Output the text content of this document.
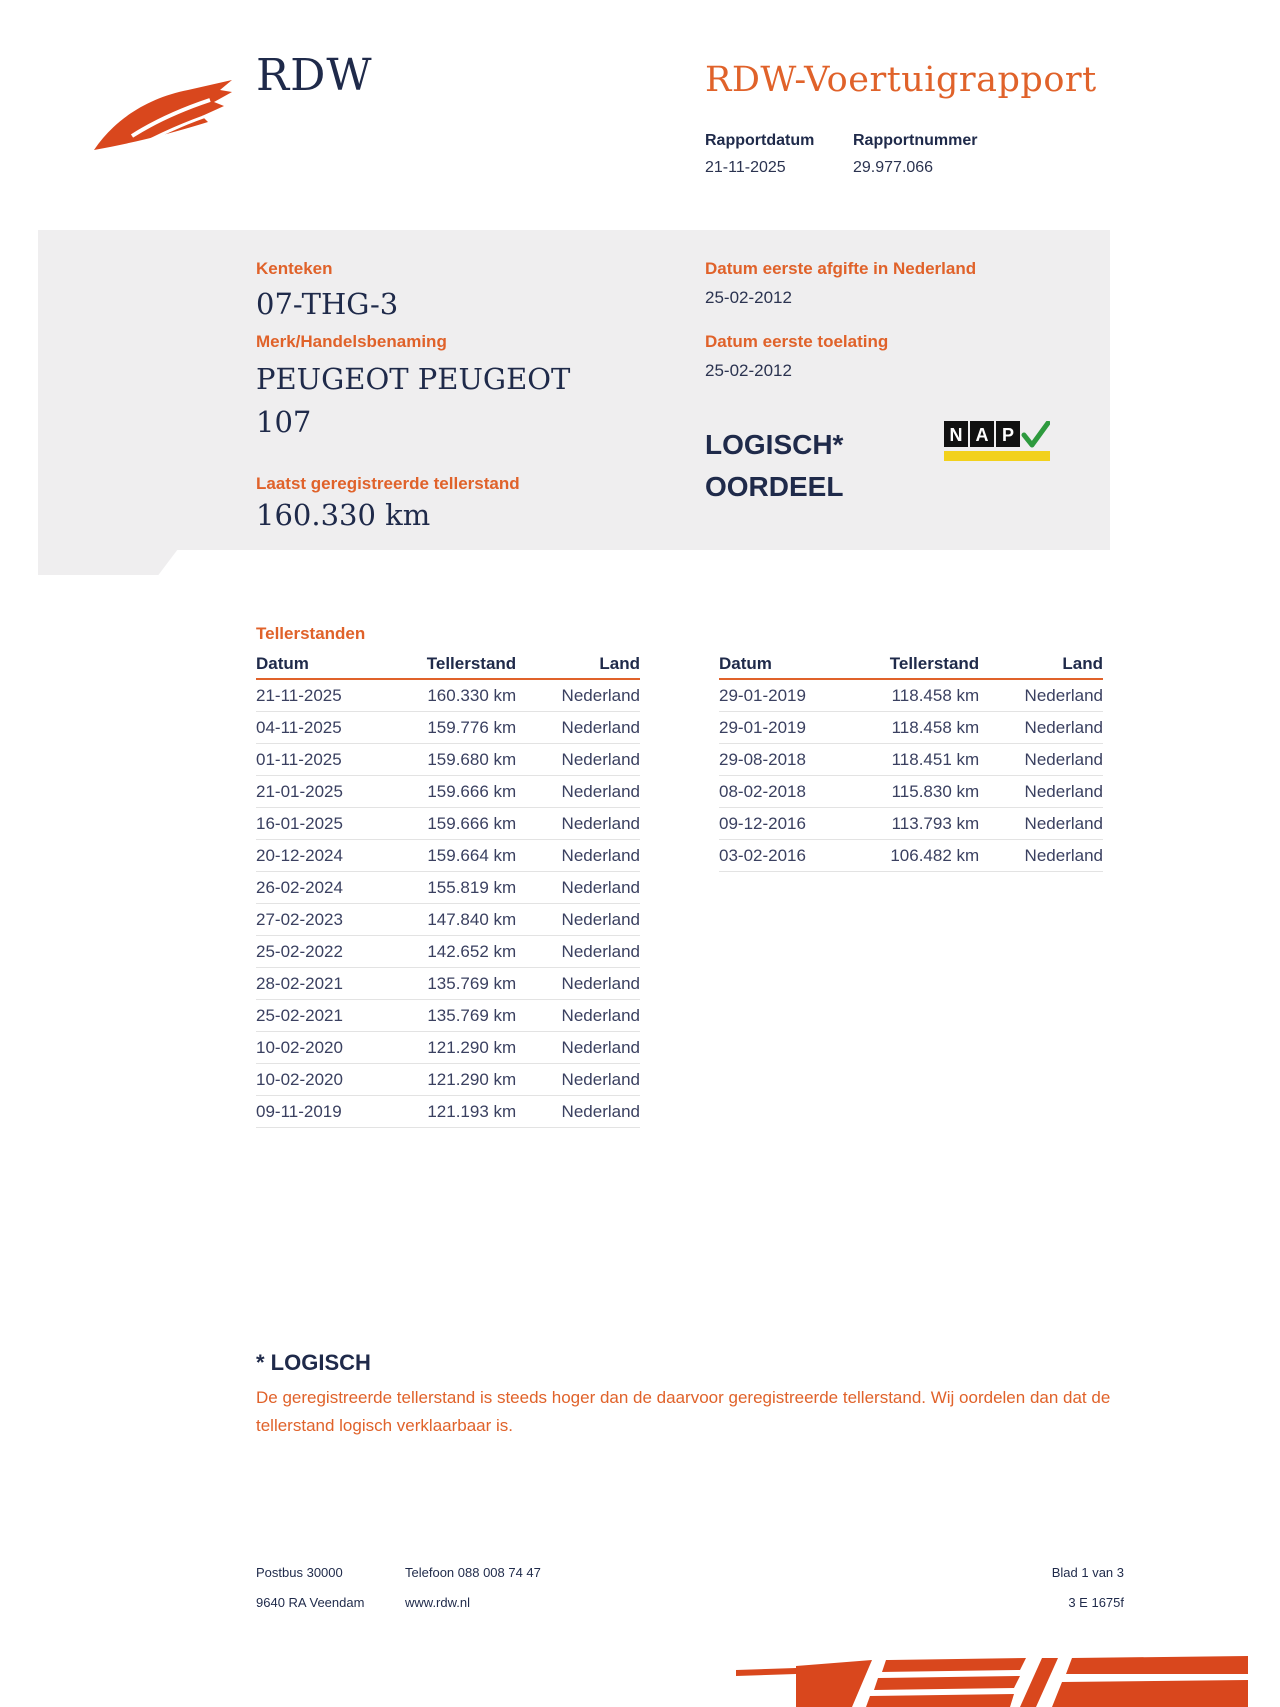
RDW	RDW-Voertuigrapport
Rapportdatum
21-11-2025
Rapportnummer
29.977.066
Kenteken
07-THG-3
Merk/Handelsbenaming
PEUGEOT PEUGEOT
107
Laatst geregistreerde tellerstand
160.330 km
Datum eerste afgifte in Nederland
25-02-2012
Datum eerste toelating
25-02-2012
LOGISCH*
OORDEEL
N A P
Tellerstanden
Datum	Tellerstand	Land
21-11-2025	160.330 km	Nederland
04-11-2025	159.776 km	Nederland
01-11-2025	159.680 km	Nederland
21-01-2025	159.666 km	Nederland
16-01-2025	159.666 km	Nederland
20-12-2024	159.664 km	Nederland
26-02-2024	155.819 km	Nederland
27-02-2023	147.840 km	Nederland
25-02-2022	142.652 km	Nederland
28-02-2021	135.769 km	Nederland
25-02-2021	135.769 km	Nederland
10-02-2020	121.290 km	Nederland
10-02-2020	121.290 km	Nederland
09-11-2019	121.193 km	Nederland
Datum	Tellerstand	Land
29-01-2019	118.458 km	Nederland
29-01-2019	118.458 km	Nederland
29-08-2018	118.451 km	Nederland
08-02-2018	115.830 km	Nederland
09-12-2016	113.793 km	Nederland
03-02-2016	106.482 km	Nederland
* LOGISCH
De geregistreerde tellerstand is steeds hoger dan de daarvoor geregistreerde tellerstand. Wij oordelen dan dat de tellerstand logisch verklaarbaar is.
Postbus 30000
9640 RA Veendam
Telefoon 088 008 74 47
www.rdw.nl
Blad 1 van 3
3 E 1675f
